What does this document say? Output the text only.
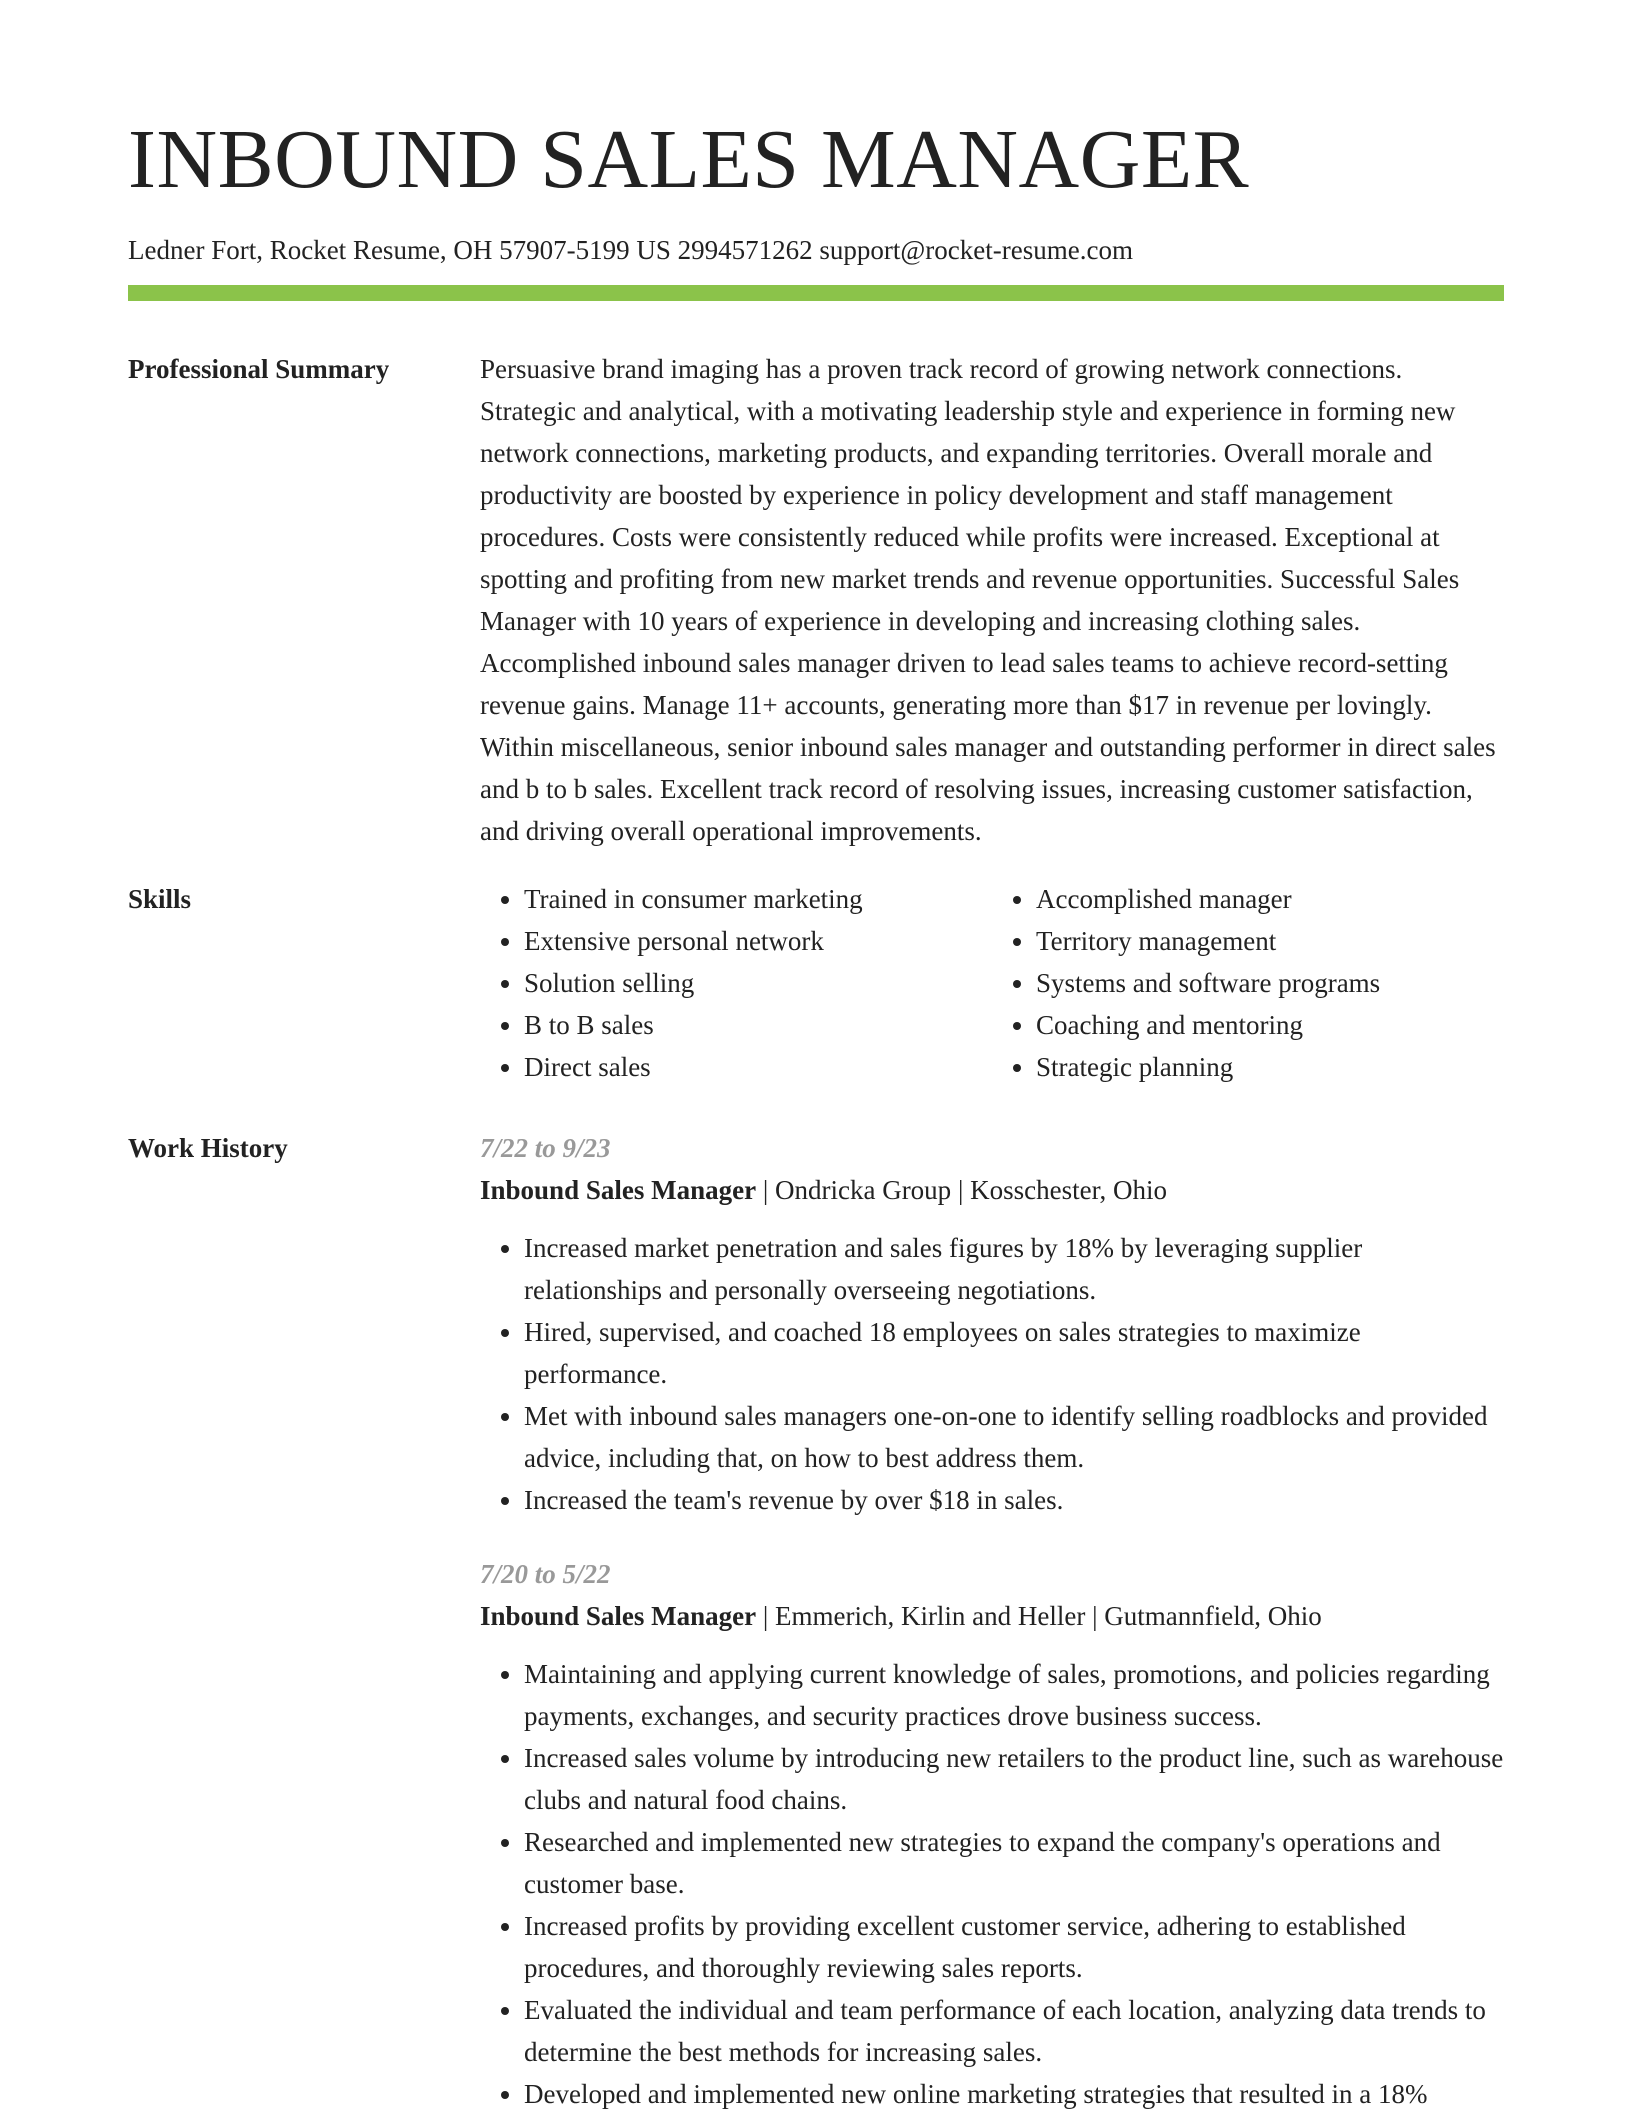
INBOUND SALES MANAGER
Ledner Fort, Rocket Resume, OH 57907-5199 US 2994571262 support@rocket-resume.com
Professional Summary	Persuasive brand imaging has a proven track record of growing network connections. Strategic and analytical, with a motivating leadership style and experience in forming new network connections, marketing products, and expanding territories. Overall morale and productivity are boosted by experience in policy development and staff management procedures. Costs were consistently reduced while profits were increased. Exceptional at spotting and profiting from new market trends and revenue opportunities. Successful Sales Manager with 10 years of experience in developing and increasing clothing sales. Accomplished inbound sales manager driven to lead sales teams to achieve record-setting revenue gains. Manage 11+ accounts, generating more than $17 in revenue per lovingly. Within miscellaneous, senior inbound sales manager and outstanding performer in direct sales and b to b sales. Excellent track record of resolving issues, increasing customer satisfaction, and driving overall operational improvements.

Skills
•	Trained in consumer marketing
• Extensive personal network
• Solution selling
• B to B sales
• Direct sales
• Accomplished manager
• Territory management
• Systems and software programs
• Coaching and mentoring
• Strategic planning
Work History	7/22 to 9/23
Inbound Sales Manager | Ondricka Group | Kosschester, Ohio
• Increased market penetration and sales figures by 18% by leveraging supplier relationships and personally overseeing negotiations.
• Hired, supervised, and coached 18 employees on sales strategies to maximize performance.
• Met with inbound sales managers one-on-one to identify selling roadblocks and provided advice, including that, on how to best address them.
• Increased the team's revenue by over $18 in sales.
7/20 to 5/22
Inbound Sales Manager | Emmerich, Kirlin and Heller | Gutmannfield, Ohio
• Maintaining and applying current knowledge of sales, promotions, and policies regarding payments, exchanges, and security practices drove business success.
• Increased sales volume by introducing new retailers to the product line, such as warehouse clubs and natural food chains.
• Researched and implemented new strategies to expand the company's operations and customer base.
• Increased profits by providing excellent customer service, adhering to established procedures, and thoroughly reviewing sales reports.
• Evaluated the individual and team performance of each location, analyzing data trends to determine the best methods for increasing sales.
• Developed and implemented new online marketing strategies that resulted in a 18%
